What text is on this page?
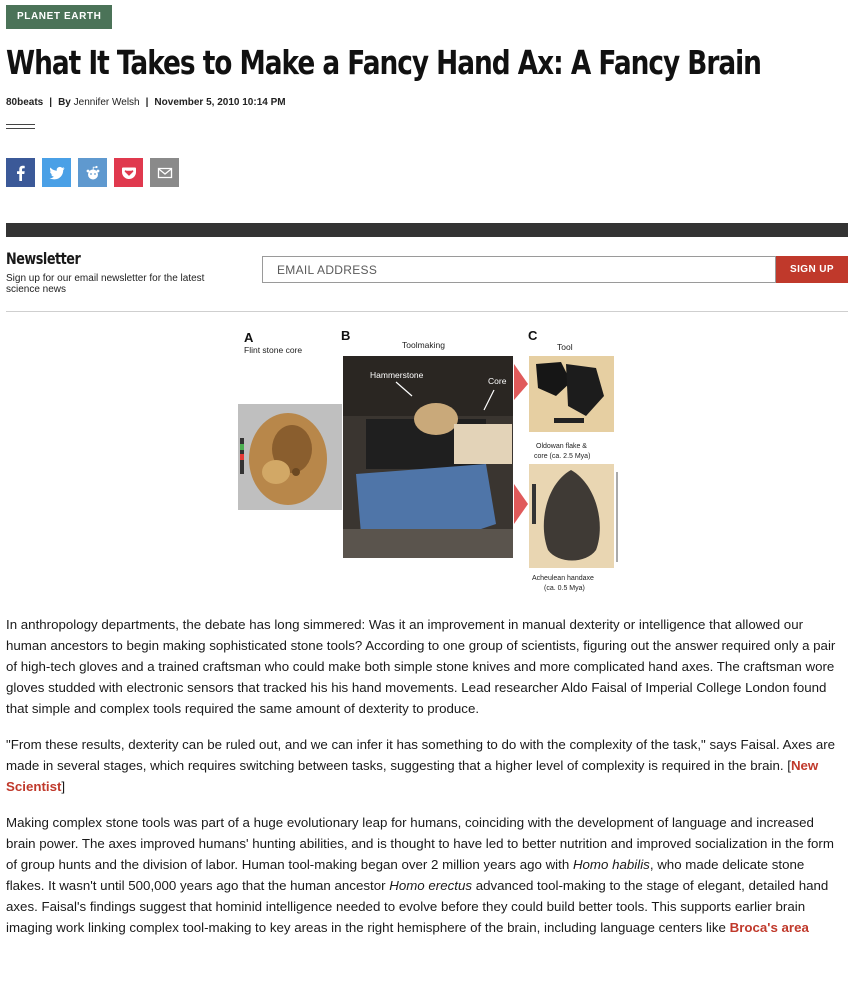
PLANET EARTH
What It Takes to Make a Fancy Hand Ax: A Fancy Brain
80beats | By Jennifer Welsh | November 5, 2010 10:14 PM
Newsletter
Sign up for our email newsletter for the latest science news
EMAIL ADDRESS
SIGN UP
A
Flint stone core
B
Toolmaking
Hammerstone
Core
C
Tool
Oldowan flake &
core (ca. 2.5 Mya)
Acheulean handaxe
(ca. 0.5 Mya)

In anthropology departments, the debate has long simmered: Was it an improvement in manual dexterity or intelligence that allowed our human ancestors to begin making sophisticated stone tools? According to one group of scientists, figuring out the answer required only a pair of high-tech gloves and a trained craftsman who could make both simple stone knives and more complicated hand axes. The craftsman wore gloves studded with electronic sensors that tracked his his hand movements. Lead researcher Aldo Faisal of Imperial College London found that simple and complex tools required the same amount of dexterity to produce.

"From these results, dexterity can be ruled out, and we can infer it has something to do with the complexity of the task," says Faisal. Axes are made in several stages, which requires switching between tasks, suggesting that a higher level of complexity is required in the brain. [New Scientist]

Making complex stone tools was part of a huge evolutionary leap for humans, coinciding with the development of language and increased brain power. The axes improved humans' hunting abilities, and is thought to have led to better nutrition and improved socialization in the form of group hunts and the division of labor. Human tool-making began over 2 million years ago with Homo habilis, who made delicate stone flakes. It wasn't until 500,000 years ago that the human ancestor Homo erectus advanced tool-making to the stage of elegant, detailed hand axes. Faisal's findings suggest that hominid intelligence needed to evolve before they could build better tools. This supports earlier brain imaging work linking complex tool-making to key areas in the right hemisphere of the brain, including language centers like Broca's area
